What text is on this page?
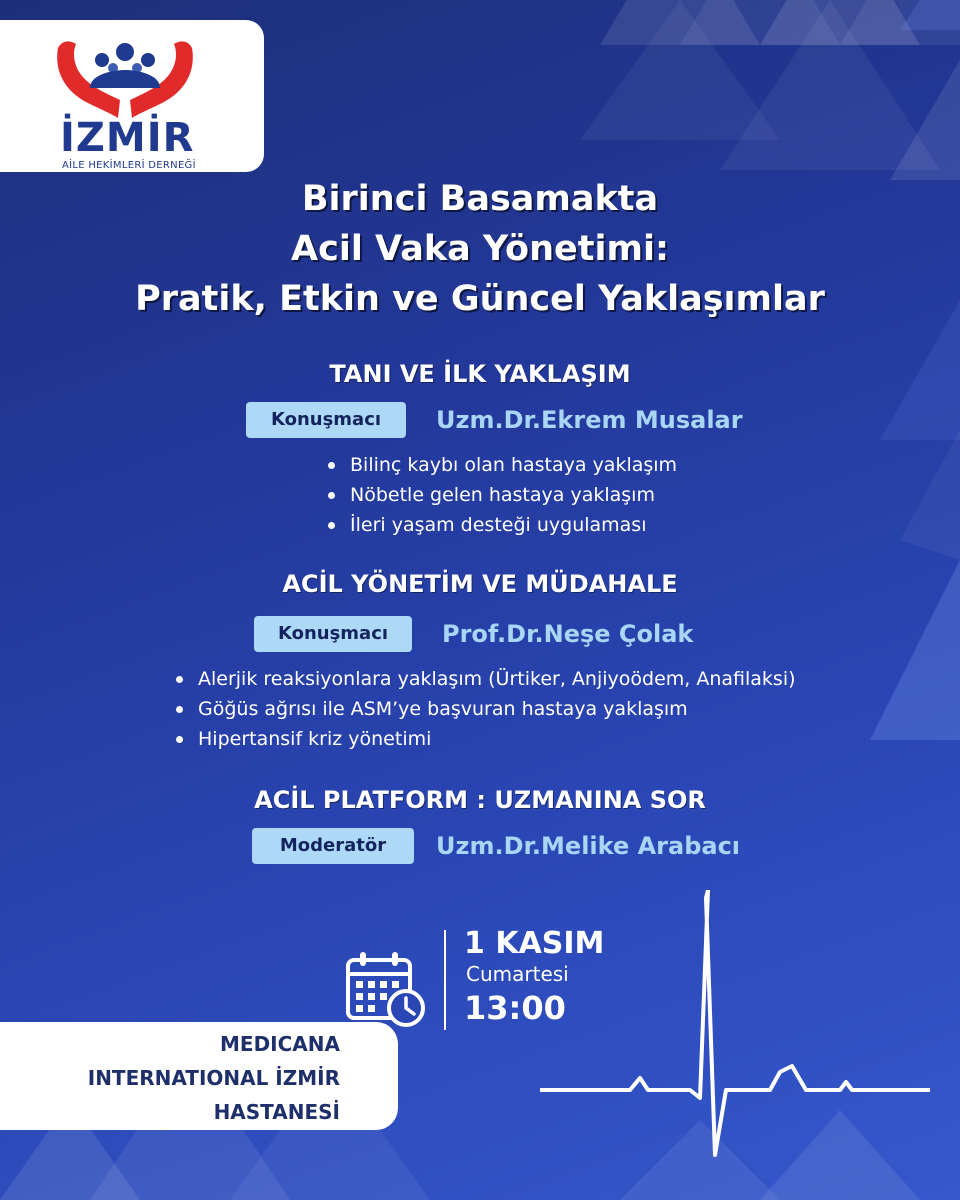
İZMİR
AİLE HEKİMLERİ DERNEĞİ
Birinci Basamakta
Acil Vaka Yönetimi:
Pratik, Etkin ve Güncel Yaklaşımlar
TANI VE İLK YAKLAŞIM
Konuşmacı	Uzm.Dr.Ekrem Musalar
Bilinç kaybı olan hastaya yaklaşım
Nöbetle gelen hastaya yaklaşım
İleri yaşam desteği uygulaması
ACİL YÖNETİM VE MÜDAHALE
Konuşmacı	Prof.Dr.Neşe Çolak
Alerjik reaksiyonlara yaklaşım (Ürtiker, Anjiyoödem, Anafilaksi)
Göğüs ağrısı ile ASM’ye başvuran hastaya yaklaşım
Hipertansif kriz yönetimi
ACİL PLATFORM : UZMANINA SOR
Moderatör	Uzm.Dr.Melike Arabacı
1 KASIM
Cumartesi
13:00
MEDICANA
INTERNATIONAL İZMİR
HASTANESİ
